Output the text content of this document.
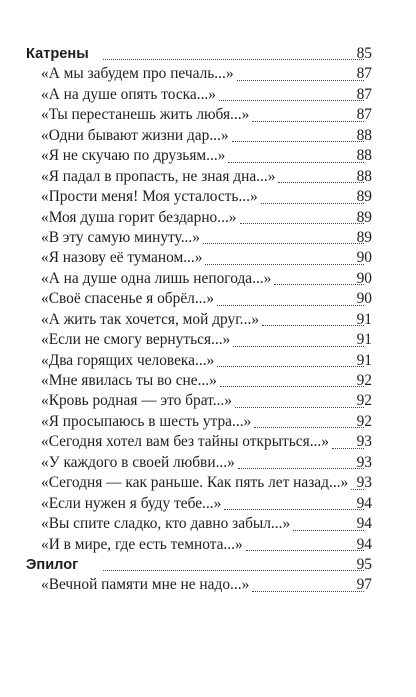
Катрены	85
«А мы забудем про печаль...»	87
«А на душе опять тоска...»	87
«Ты перестанешь жить любя...»	87
«Одни бывают жизни дар...»	88
«Я не скучаю по друзьям...»	88
«Я падал в пропасть, не зная дна...»	88
«Прости меня! Моя усталость...»	89
«Моя душа горит бездарно...»	89
«В эту самую минуту...»	89
«Я назову её туманом...»	90
«А на душе одна лишь непогода...»	90
«Своё спасенье я обрёл...»	90
«А жить так хочется, мой друг...»	91
«Если не смогу вернуться...»	91
«Два горящих человека...»	91
«Мне явилась ты во сне...»	92
«Кровь родная — это брат...»	92
«Я просыпаюсь в шесть утра...»	92
«Сегодня хотел вам без тайны открыться...»	93
«У каждого в своей любви...»	93
«Сегодня — как раньше. Как пять лет назад...» 93
«Если нужен я буду тебе...»	94
«Вы спите сладко, кто давно забыл...»	94
«И в мире, где есть темнота...»	94
Эпилог	95
«Вечной памяти мне не надо...»	97
